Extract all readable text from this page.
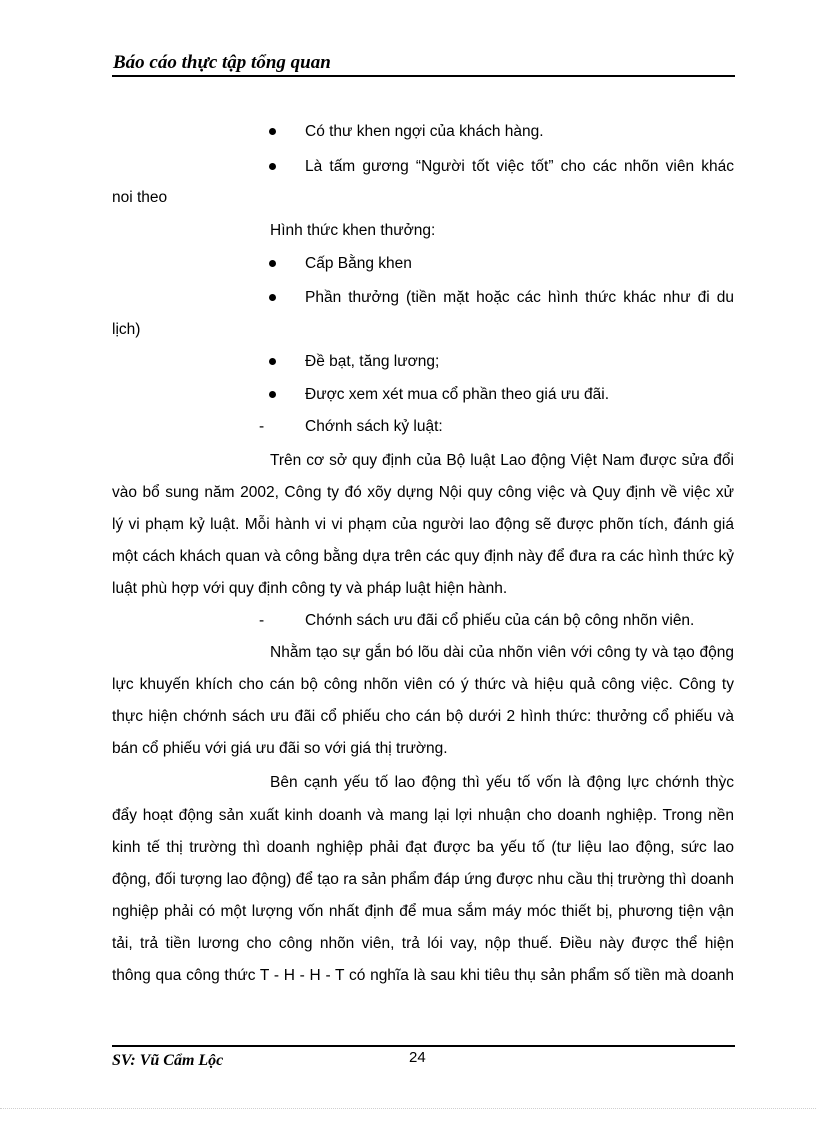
Báo cáo thực tập tổng quan
Có thư khen ngợi của khách hàng.
Là tấm gương “Người tốt việc tốt” cho các nhõn viên khác
noi theo
Hình thức khen thưởng:
Cấp Bằng khen
Phần thưởng (tiền mặt hoặc các hình thức khác như đi du
lịch)
Đề bạt, tăng lương;
Được xem xét mua cổ phần theo giá ưu đãi.
-	Chớnh sách kỷ luật:
Trên cơ sở quy định của Bộ luật Lao động Việt Nam được sửa đổi
vào bổ sung năm 2002, Công ty đó xõy dựng Nội quy công việc và Quy định về việc xử
lý vi phạm kỷ luật. Mỗi hành vi vi phạm của người lao động sẽ được phõn tích, đánh giá
một cách khách quan và công bằng dựa trên các quy định này để đưa ra các hình thức kỷ
luật phù hợp với quy định công ty và pháp luật hiện hành.
-	Chớnh sách ưu đãi cổ phiếu của cán bộ công nhõn viên.
Nhằm tạo sự gắn bó lõu dài của nhõn viên với công ty và tạo động
lực khuyến khích cho cán bộ công nhõn viên có ý thức và hiệu quả công việc. Công ty
thực hiện chớnh sách ưu đãi cổ phiếu cho cán bộ dưới 2 hình thức: thưởng cổ phiếu và
bán cổ phiếu với giá ưu đãi so với giá thị trường.
Bên cạnh yếu tố lao động thì yếu tố vốn là động lực chớnh thỳc
đẩy hoạt động sản xuất kinh doanh và mang lại lợi nhuận cho doanh nghiệp. Trong nền
kinh tế thị trường thì doanh nghiệp phải đạt được ba yếu tố (tư liệu lao động, sức lao
động, đối tượng lao động) để tạo ra sản phẩm đáp ứng được nhu cầu thị trường thì doanh
nghiệp phải có một lượng vốn nhất định để mua sắm máy móc thiết bị, phương tiện vận
tải, trả tiền lương cho công nhõn viên, trả lói vay, nộp thuế. Điều này được thể hiện
thông qua công thức T - H - H - T có nghĩa là sau khi tiêu thụ sản phẩm số tiền mà doanh
SV: Vũ Cẩm Lộc	24
